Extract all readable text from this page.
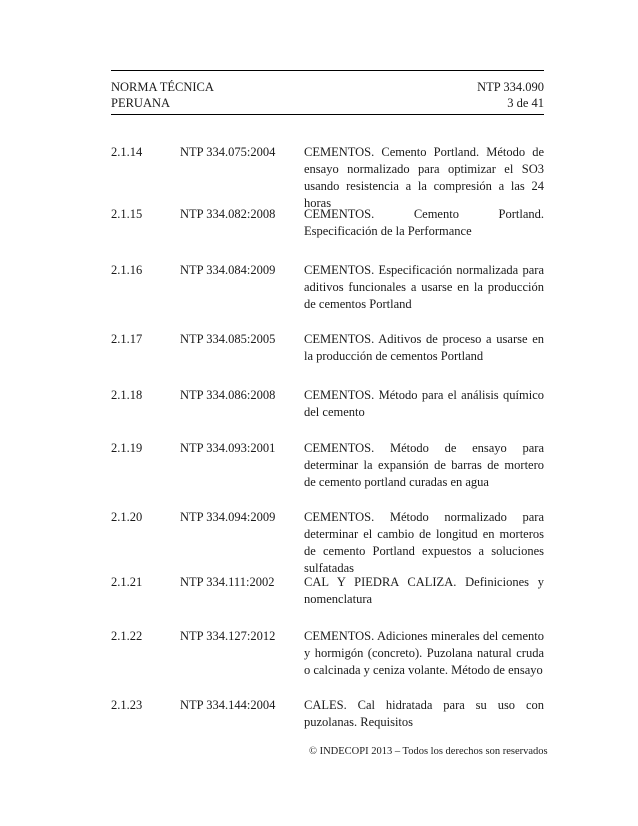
NORMA TÉCNICA
PERUANA
NTP 334.090
3 de 41
2.1.14	NTP 334.075:2004 CEMENTOS. Cemento Portland. Método de ensayo normalizado para optimizar el SO3 usando resistencia a la compresión a las 24 horas
2.1.15	NTP 334.082:2008 CEMENTOS. Cemento Portland. Especificación de la Performance
2.1.16	NTP 334.084:2009 CEMENTOS. Especificación normalizada para aditivos funcionales a usarse en la producción de cementos Portland
2.1.17	NTP 334.085:2005 CEMENTOS. Aditivos de proceso a usarse en la producción de cementos Portland
2.1.18	NTP 334.086:2008 CEMENTOS. Método para el análisis químico del cemento
2.1.19	NTP 334.093:2001 CEMENTOS. Método de ensayo para determinar la expansión de barras de mortero de cemento portland curadas en agua
2.1.20	NTP 334.094:2009 CEMENTOS. Método normalizado para determinar el cambio de longitud en morteros de cemento Portland expuestos a soluciones sulfatadas
2.1.21	NTP 334.111:2002 CAL Y PIEDRA CALIZA. Definiciones y nomenclatura
2.1.22	NTP 334.127:2012 CEMENTOS. Adiciones minerales del cemento y hormigón (concreto). Puzolana natural cruda o calcinada y ceniza volante. Método de ensayo
2.1.23	NTP 334.144:2004 CALES. Cal hidratada para su uso con puzolanas. Requisitos
© INDECOPI 2013 – Todos los derechos son reservados
